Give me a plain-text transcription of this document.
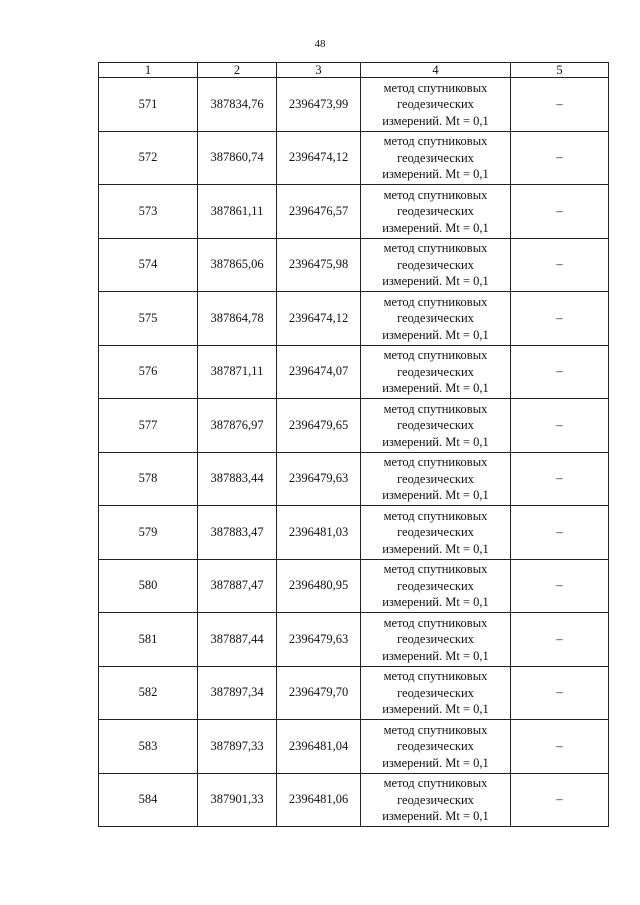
48
1	2	3	4	5
571	387834,76	2396473,99	метод спутниковых
геодезических
измерений. Mt = 0,1	–
572	387860,74	2396474,12	метод спутниковых
геодезических
измерений. Mt = 0,1	–
573	387861,11	2396476,57	метод спутниковых
геодезических
измерений. Mt = 0,1	–
574	387865,06	2396475,98	метод спутниковых
геодезических
измерений. Mt = 0,1	–
575	387864,78	2396474,12	метод спутниковых
геодезических
измерений. Mt = 0,1	–
576	387871,11	2396474,07	метод спутниковых
геодезических
измерений. Mt = 0,1	–
577	387876,97	2396479,65	метод спутниковых
геодезических
измерений. Mt = 0,1	–
578	387883,44	2396479,63	метод спутниковых
геодезических
измерений. Mt = 0,1	–
579	387883,47	2396481,03	метод спутниковых
геодезических
измерений. Mt = 0,1	–
580	387887,47	2396480,95	метод спутниковых
геодезических
измерений. Mt = 0,1	–
581	387887,44	2396479,63	метод спутниковых
геодезических
измерений. Mt = 0,1	–
582	387897,34	2396479,70	метод спутниковых
геодезических
измерений. Mt = 0,1	–
583	387897,33	2396481,04	метод спутниковых
геодезических
измерений. Mt = 0,1	–
584	387901,33	2396481,06	метод спутниковых
геодезических
измерений. Mt = 0,1	–
